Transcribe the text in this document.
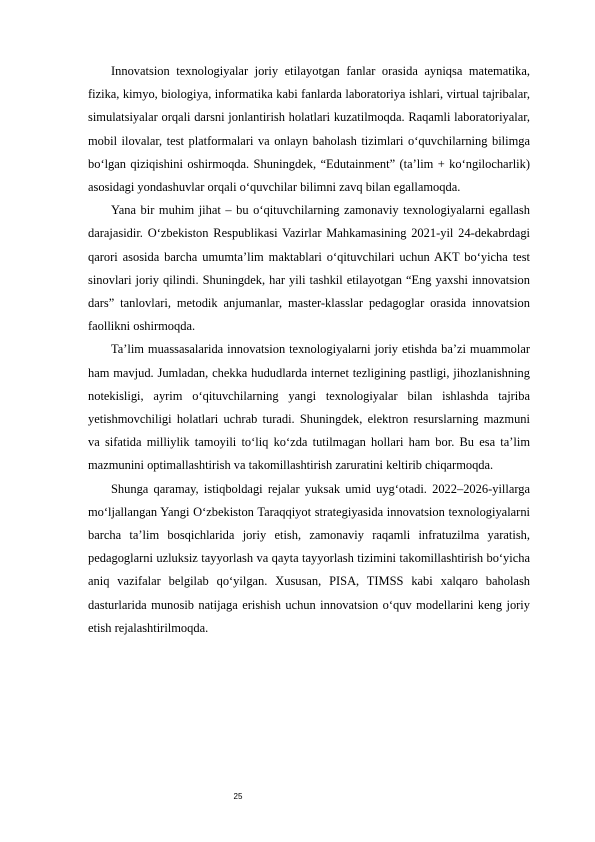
Innovatsion texnologiyalar joriy etilayotgan fanlar orasida ayniqsa matematika, fizika, kimyo, biologiya, informatika kabi fanlarda laboratoriya ishlari, virtual tajribalar, simulatsiyalar orqali darsni jonlantirish holatlari kuzatilmoqda. Raqamli laboratoriyalar, mobil ilovalar, test platformalari va onlayn baholash tizimlari o‘quvchilarning bilimga bo‘lgan qiziqishini oshirmoqda. Shuningdek, “Edutainment” (ta’lim + ko‘ngilocharlik) asosidagi yondashuvlar orqali o‘quvchilar bilimni zavq bilan egallamoqda.

Yana bir muhim jihat – bu o‘qituvchilarning zamonaviy texnologiyalarni egallash darajasidir. O‘zbekiston Respublikasi Vazirlar Mahkamasining 2021-yil 24-dekabrdagi qarori asosida barcha umumta’lim maktablari o‘qituvchilari uchun AKT bo‘yicha test sinovlari joriy qilindi. Shuningdek, har yili tashkil etilayotgan “Eng yaxshi innovatsion dars” tanlovlari, metodik anjumanlar, master-klasslar pedagoglar orasida innovatsion faollikni oshirmoqda.

Ta’lim muassasalarida innovatsion texnologiyalarni joriy etishda ba’zi muammolar ham mavjud. Jumladan, chekka hududlarda internet tezligining pastligi, jihozlanishning notekisligi, ayrim o‘qituvchilarning yangi texnologiyalar bilan ishlashda tajriba yetishmovchiligi holatlari uchrab turadi. Shuningdek, elektron resurslarning mazmuni va sifatida milliylik tamoyili to‘liq ko‘zda tutilmagan hollari ham bor. Bu esa ta’lim mazmunini optimallashtirish va takomillashtirish zaruratini keltirib chiqarmoqda.

Shunga qaramay, istiqboldagi rejalar yuksak umid uyg‘otadi. 2022–2026-yillarga mo‘ljallangan Yangi O‘zbekiston Taraqqiyot strategiyasida innovatsion texnologiyalarni barcha ta’lim bosqichlarida joriy etish, zamonaviy raqamli infratuzilma yaratish, pedagoglarni uzluksiz tayyorlash va qayta tayyorlash tizimini takomillashtirish bo‘yicha aniq vazifalar belgilab qo‘yilgan. Xususan, PISA, TIMSS kabi xalqaro baholash dasturlarida munosib natijaga erishish uchun innovatsion o‘quv modellarini keng joriy etish rejalashtirilmoqda.

25
